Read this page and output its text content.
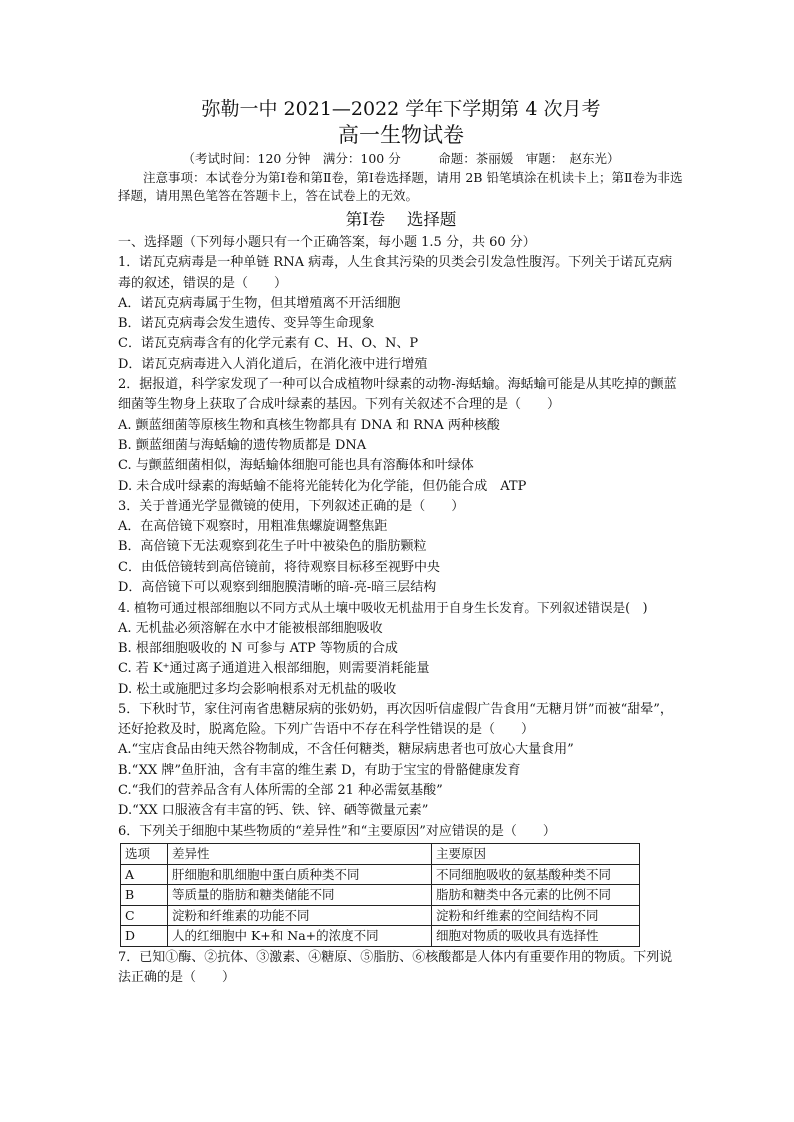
弥勒一中 2021—2022 学年下学期第 4 次月考
高一生物试卷
（考试时间：120 分钟　满分：100 分　　　命题：茶丽媛　审题：　赵东光）

注意事项：本试卷分为第Ⅰ卷和第Ⅱ卷，第Ⅰ卷选择题，请用 2B 铅笔填涂在机读卡上；第Ⅱ卷为非选择题，请用黑色笔答在答题卡上，答在试卷上的无效。

第Ⅰ卷　 选择题

一、选择题（下列每小题只有一个正确答案，每小题 1.5 分，共 60 分）

1．诺瓦克病毒是一种单链 RNA 病毒，人生食其污染的贝类会引发急性腹泻。下列关于诺瓦克病毒的叙述，错误的是（　　）

A．诺瓦克病毒属于生物，但其增殖离不开活细胞

B．诺瓦克病毒会发生遗传、变异等生命现象

C．诺瓦克病毒含有的化学元素有 C、H、O、N、P

D．诺瓦克病毒进入人消化道后，在消化液中进行增殖

2．据报道，科学家发现了一种可以合成植物叶绿素的动物-海蛞蝓。海蛞蝓可能是从其吃掉的颤蓝细菌等生物身上获取了合成叶绿素的基因。下列有关叙述不合理的是（　　）

A. 颤蓝细菌等原核生物和真核生物都具有 DNA 和 RNA 两种核酸

B. 颤蓝细菌与海蛞蝓的遗传物质都是 DNA

C. 与颤蓝细菌相似，海蛞蝓体细胞可能也具有溶酶体和叶绿体

D. 未合成叶绿素的海蛞蝓不能将光能转化为化学能，但仍能合成　ATP

3．关于普通光学显微镜的使用，下列叙述正确的是（　　）

A．在高倍镜下观察时，用粗准焦螺旋调整焦距

B．高倍镜下无法观察到花生子叶中被染色的脂肪颗粒

C．由低倍镜转到高倍镜前，将待观察目标移至视野中央

D．高倍镜下可以观察到细胞膜清晰的暗-亮-暗三层结构

4. 植物可通过根部细胞以不同方式从土壤中吸收无机盐用于自身生长发育。下列叙述错误是(　)

A. 无机盐必须溶解在水中才能被根部细胞吸收

B. 根部细胞吸收的 N 可参与 ATP 等物质的合成

C. 若 K⁺通过离子通道进入根部细胞，则需要消耗能量

D. 松土或施肥过多均会影响根系对无机盐的吸收

5．下秋时节，家住河南省患糖尿病的张奶奶，再次因听信虚假广告食用“无糖月饼”而被“甜晕”，还好抢救及时，脱离危险。下列广告语中不存在科学性错误的是（　　）

A.“宝店食品由纯天然谷物制成，不含任何糖类，糖尿病患者也可放心大量食用”

B.“XX 牌”鱼肝油，含有丰富的维生素 D，有助于宝宝的骨骼健康发育

C.“我们的营养品含有人体所需的全部 21 种必需氨基酸”

D.“XX 口服液含有丰富的钙、铁、锌、硒等微量元素”

6．下列关于细胞中某些物质的“差异性”和“主要原因”对应错误的是（　　）

选项	差异性	主要原因
A	肝细胞和肌细胞中蛋白质种类不同	不同细胞吸收的氨基酸种类不同
B	等质量的脂肪和糖类储能不同	脂肪和糖类中各元素的比例不同
C	淀粉和纤维素的功能不同	淀粉和纤维素的空间结构不同
D	人的红细胞中 K+和 Na+的浓度不同	细胞对物质的吸收具有选择性

7．已知①酶、②抗体、③激素、④糖原、⑤脂肪、⑥核酸都是人体内有重要作用的物质。下列说法正确的是（　　）
